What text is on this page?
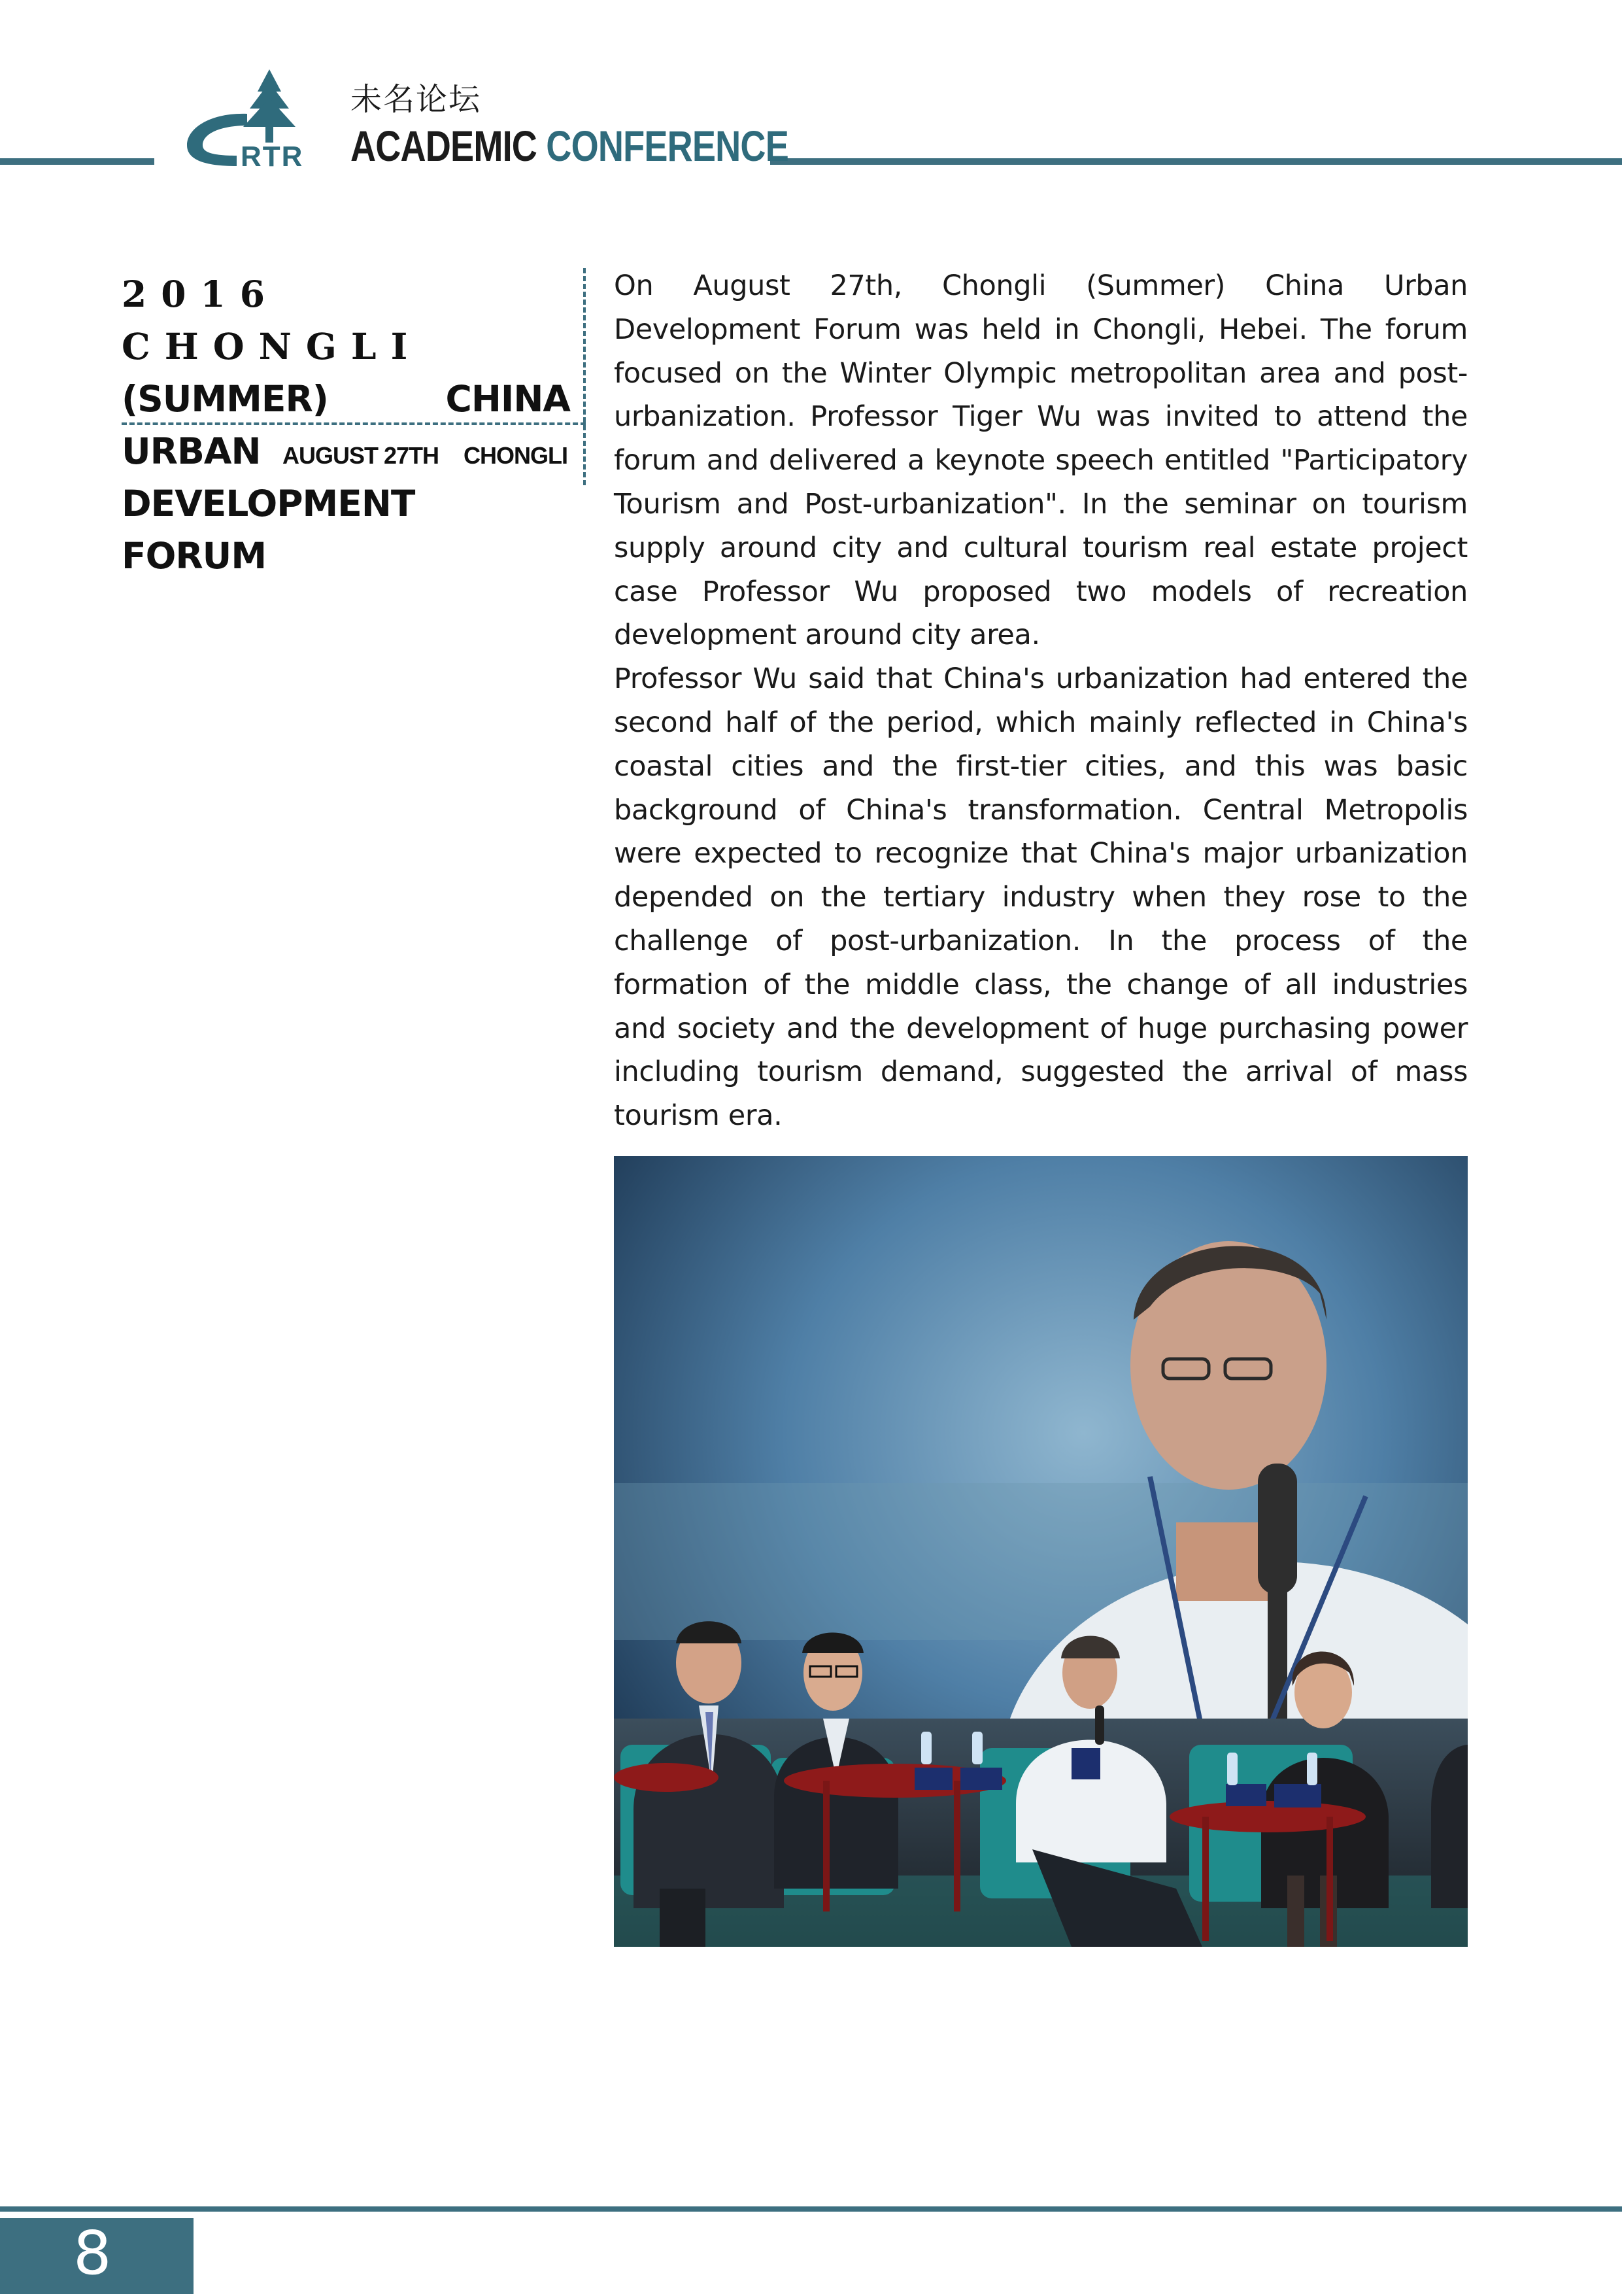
RTR
未名论坛
ACADEMIC CONFERENCE
2016 CHONGLI
(SUMMER) CHINA URBAN
DEVELOPMENT FORUM
AUGUST 27TH CHONGLI

On August 27th, Chongli (Summer) China Urban Development Forum was held in Chongli, Hebei. The forum focused on the Winter Olympic metropolitan area and post-urbanization. Professor Tiger Wu was invited to attend the forum and delivered a keynote speech entitled "Participatory Tourism and Post-urbanization". In the seminar on tourism supply around city and cultural tourism real estate project case Professor Wu proposed two models of recreation development around city area.

Professor Wu said that China's urbanization had entered the second half of the period, which mainly reflected in China's coastal cities and the first-tier cities, and this was basic background of China's transformation. Central Metropolis were expected to recognize that China's major urbanization depended on the tertiary industry when they rose to the challenge of post-urbanization. In the process of the formation of the middle class, the change of all industries and society and the development of huge purchasing power including tourism demand, suggested the arrival of mass tourism era.

8
